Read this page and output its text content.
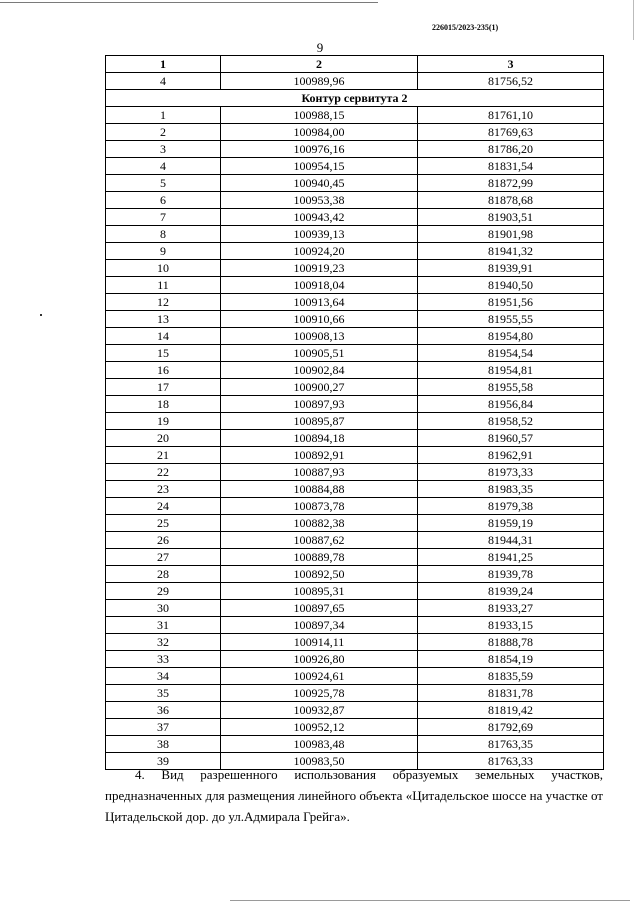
226015/2023-235(1)
9
1	2	3
4	100989,96	81756,52
Контур сервитута 2		
1	100988,15	81761,10
2	100984,00	81769,63
3	100976,16	81786,20
4	100954,15	81831,54
5	100940,45	81872,99
6	100953,38	81878,68
7	100943,42	81903,51
8	100939,13	81901,98
9	100924,20	81941,32
10	100919,23	81939,91
11	100918,04	81940,50
12	100913,64	81951,56
13	100910,66	81955,55
14	100908,13	81954,80
15	100905,51	81954,54
16	100902,84	81954,81
17	100900,27	81955,58
18	100897,93	81956,84
19	100895,87	81958,52
20	100894,18	81960,57
21	100892,91	81962,91
22	100887,93	81973,33
23	100884,88	81983,35
24	100873,78	81979,38
25	100882,38	81959,19
26	100887,62	81944,31
27	100889,78	81941,25
28	100892,50	81939,78
29	100895,31	81939,24
30	100897,65	81933,27
31	100897,34	81933,15
32	100914,11	81888,78
33	100926,80	81854,19
34	100924,61	81835,59
35	100925,78	81831,78
36	100932,87	81819,42
37	100952,12	81792,69
38	100983,48	81763,35
39	100983,50	81763,33
4. Вид разрешенного использования образуемых земельных участков, предназначенных для размещения линейного объекта «Цитадельское шоссе на участке от Цитадельской дор. до ул.Адмирала Грейга».
